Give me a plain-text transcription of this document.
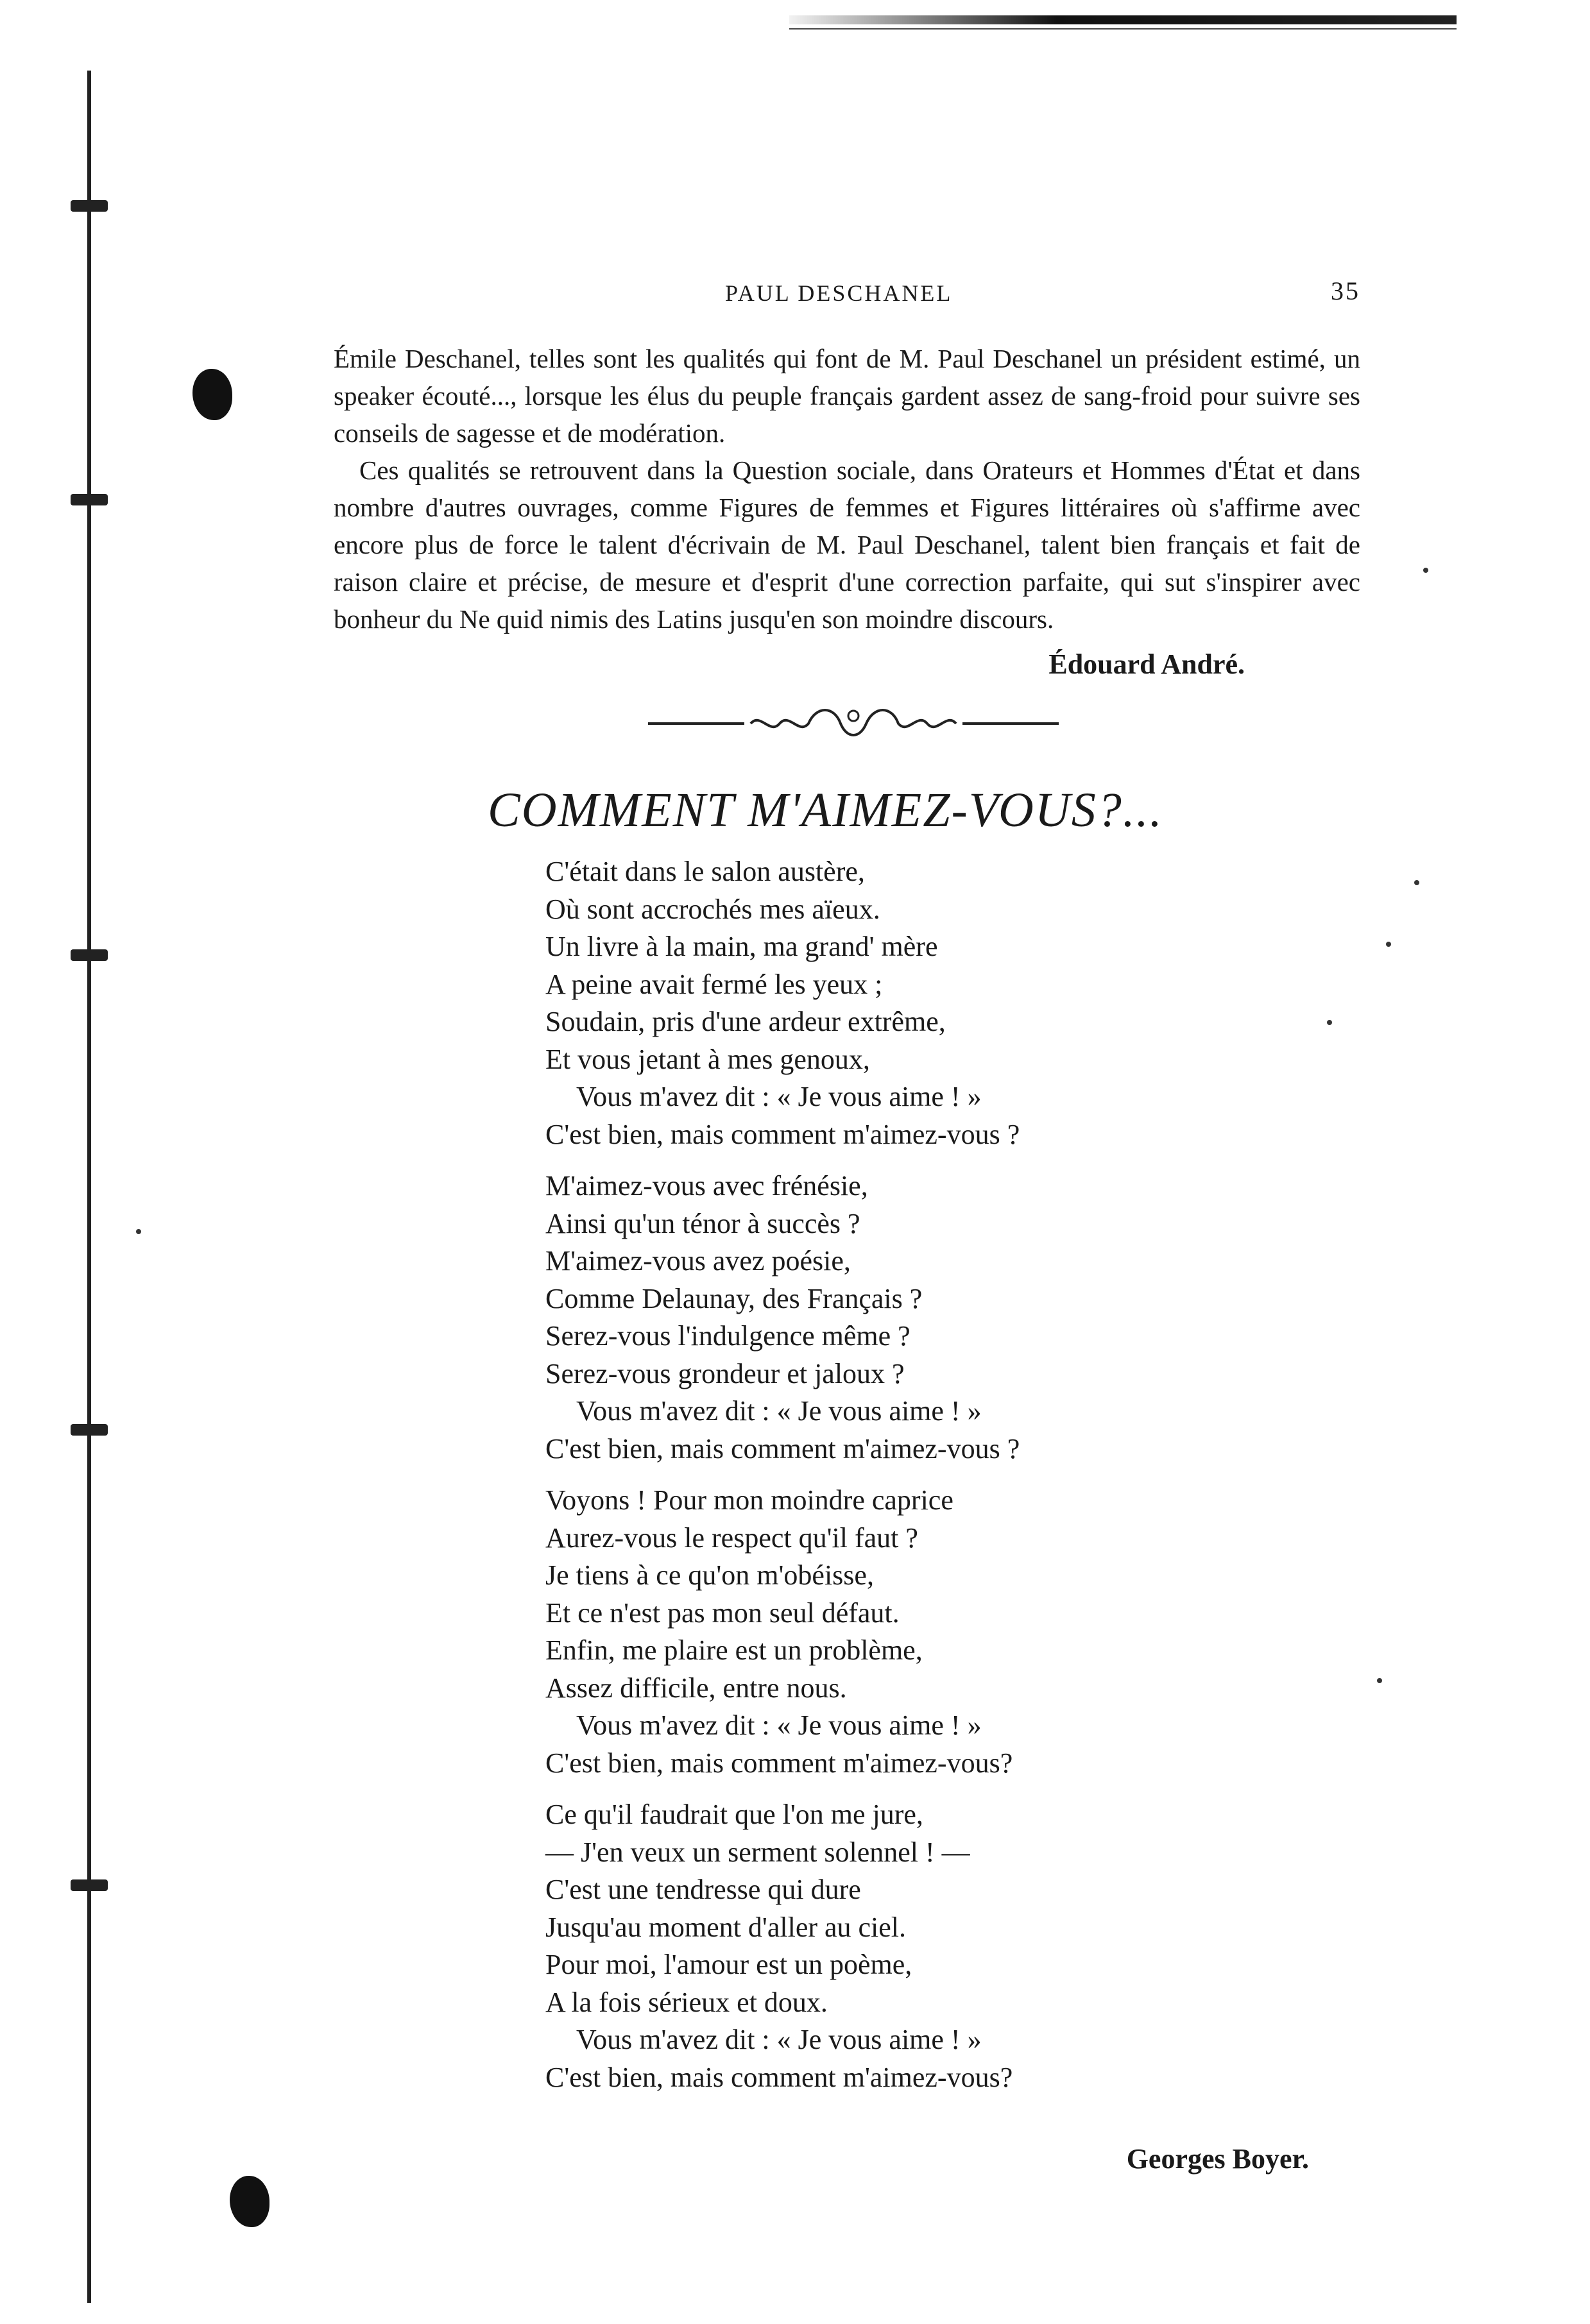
PAUL DESCHANEL	35

Émile Deschanel, telles sont les qualités qui font de M. Paul Deschanel un président estimé, un speaker écouté..., lorsque les élus du peuple français gardent assez de sang-froid pour suivre ses conseils de sagesse et de modération.

Ces qualités se retrouvent dans la Question sociale, dans Orateurs et Hommes d'État et dans nombre d'autres ouvrages, comme Figures de femmes et Figures littéraires où s'affirme avec encore plus de force le talent d'écrivain de M. Paul Deschanel, talent bien français et fait de raison claire et précise, de mesure et d'esprit d'une correction parfaite, qui sut s'inspirer avec bonheur du Ne quid nimis des Latins jusqu'en son moindre discours.

Édouard André.
COMMENT M'AIMEZ-VOUS?...
C'était dans le salon austère,
Où sont accrochés mes aïeux.
Un livre à la main, ma grand' mère
A peine avait fermé les yeux ;
Soudain, pris d'une ardeur extrême,
Et vous jetant à mes genoux,
Vous m'avez dit : « Je vous aime ! »
C'est bien, mais comment m'aimez-vous ?
M'aimez-vous avec frénésie,
Ainsi qu'un ténor à succès ?
M'aimez-vous avez poésie,
Comme Delaunay, des Français ?
Serez-vous l'indulgence même ?
Serez-vous grondeur et jaloux ?
Vous m'avez dit : « Je vous aime ! »
C'est bien, mais comment m'aimez-vous ?
Voyons ! Pour mon moindre caprice
Aurez-vous le respect qu'il faut ?
Je tiens à ce qu'on m'obéisse,
Et ce n'est pas mon seul défaut.
Enfin, me plaire est un problème,
Assez difficile, entre nous.
Vous m'avez dit : « Je vous aime ! »
C'est bien, mais comment m'aimez-vous?
Ce qu'il faudrait que l'on me jure,
— J'en veux un serment solennel ! —
C'est une tendresse qui dure
Jusqu'au moment d'aller au ciel.
Pour moi, l'amour est un poème,
A la fois sérieux et doux.
Vous m'avez dit : « Je vous aime ! »
C'est bien, mais comment m'aimez-vous?
Georges Boyer.
